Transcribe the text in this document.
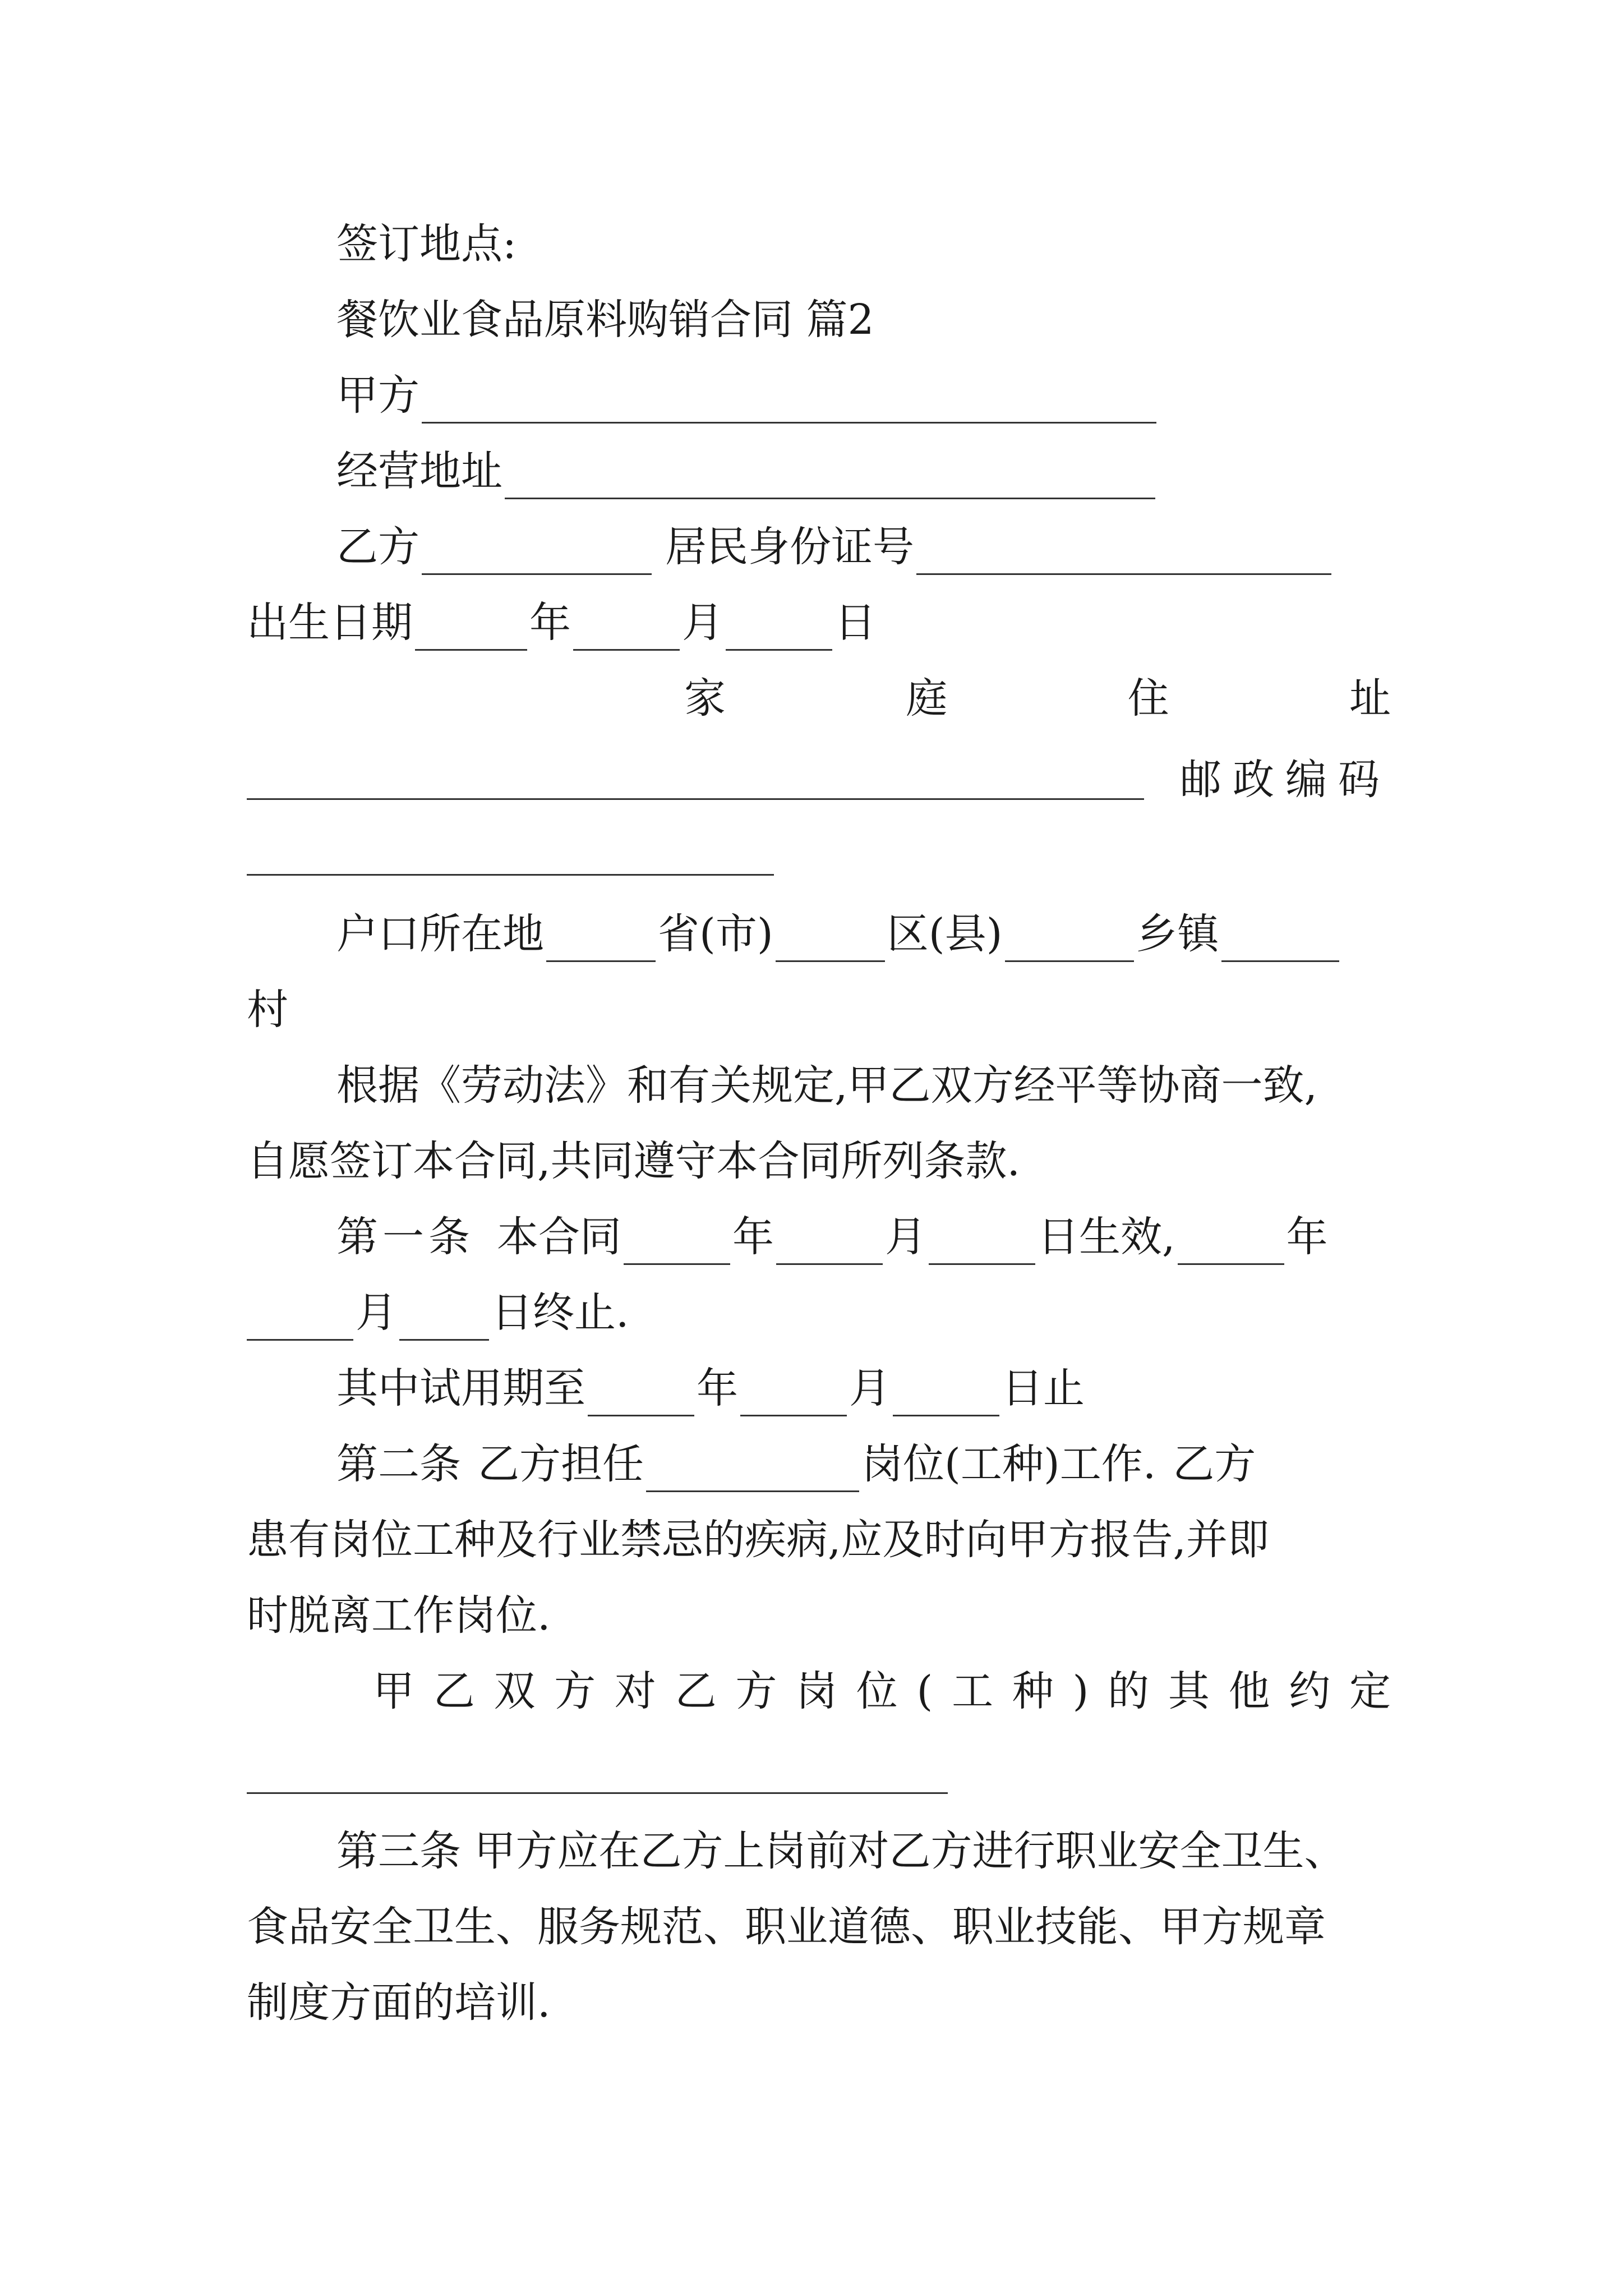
签订地点:
餐饮业食品原料购销合同 篇2
甲方
经营地址
乙方	居民身份证号
出生日期	年	月	日
家	庭	住	址
邮政编码
户口所在地	省(市)	区(县)	乡镇
村
根据《劳动法》和有关规定,甲乙双方经平等协商一致,
自愿签订本合同,共同遵守本合同所列条款.
第一条 本合同	年	月	日生效,	年
月 日终止.
其中试用期至	年	月	日止
第二条 乙方担任	岗位(工种)工作. 乙方
患有岗位工种及行业禁忌的疾病,应及时向甲方报告,并即
时脱离工作岗位.
甲 乙 双 方 对 乙 方 岗 位 ( 工 种 ) 的 其 他 约 定
第三条 甲方应在乙方上岗前对乙方进行职业安全卫生、
食品安全卫生、服务规范、职业道德、职业技能、甲方规章
制度方面的培训.
